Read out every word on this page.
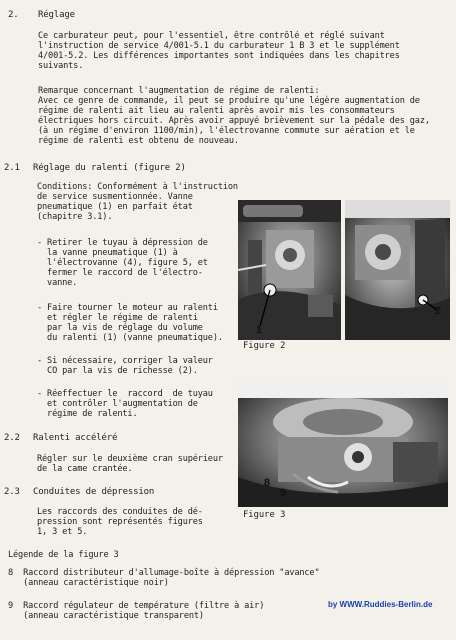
2. Réglage
Ce carburateur peut, pour l'essentiel, être contrôlé et réglé suivant
l'instruction de service 4/001-5.1 du carburateur 1 B 3 et le supplément
4/001-5.2. Les différences importantes sont indiquées dans les chapitres
suivants.
Remarque concernant l'augmentation de régime de ralenti:
Avec ce genre de commande, il peut se produire qu'une légère augmentation de
régime de ralenti ait lieu au ralenti après avoir mis les consommateurs
électriques hors circuit. Après avoir appuyé brièvement sur la pédale des gaz,
(à un régime d'environ 1100/min), l'électrovanne commute sur aération et le
régime de ralenti est obtenu de nouveau.
2.1 Réglage du ralenti (figure 2)
Conditions: Conformément à l'instruction
de service susmentionnée. Vanne
pneumatique (1) en parfait état
(chapitre 3.1).
- Retirer le tuyau à dépression de
la vanne pneumatique (1) à
l'électrovanne (4), figure 5, et
fermer le raccord de l'électro-
vanne.
- Faire tourner le moteur au ralenti
et régler le régime de ralenti
par la vis de réglage du volume
du ralenti (1) (vanne pneumatique).
- Si nécessaire, corriger la valeur
CO par la vis de richesse (2).
- Réeffectuer le  raccord  de tuyau
et contrôler l'augmentation de
régime de ralenti.
2.2 Ralenti accéléré
Régler sur le deuxième cran supérieur
de la came crantée.
2.3 Conduites de dépression
Les raccords des conduites de dé-
pression sont représentés figures
1, 3 et 5.
Légende de la figure 3
8  Raccord distributeur d'allumage-boîte à dépression "avance"
(anneau caractéristique noir)
9  Raccord régulateur de température (filtre à air)
(anneau caractéristique transparent)
1
2
Figure 2
8
9
Figure 3
by WWW.Ruddies-Berlin.de
